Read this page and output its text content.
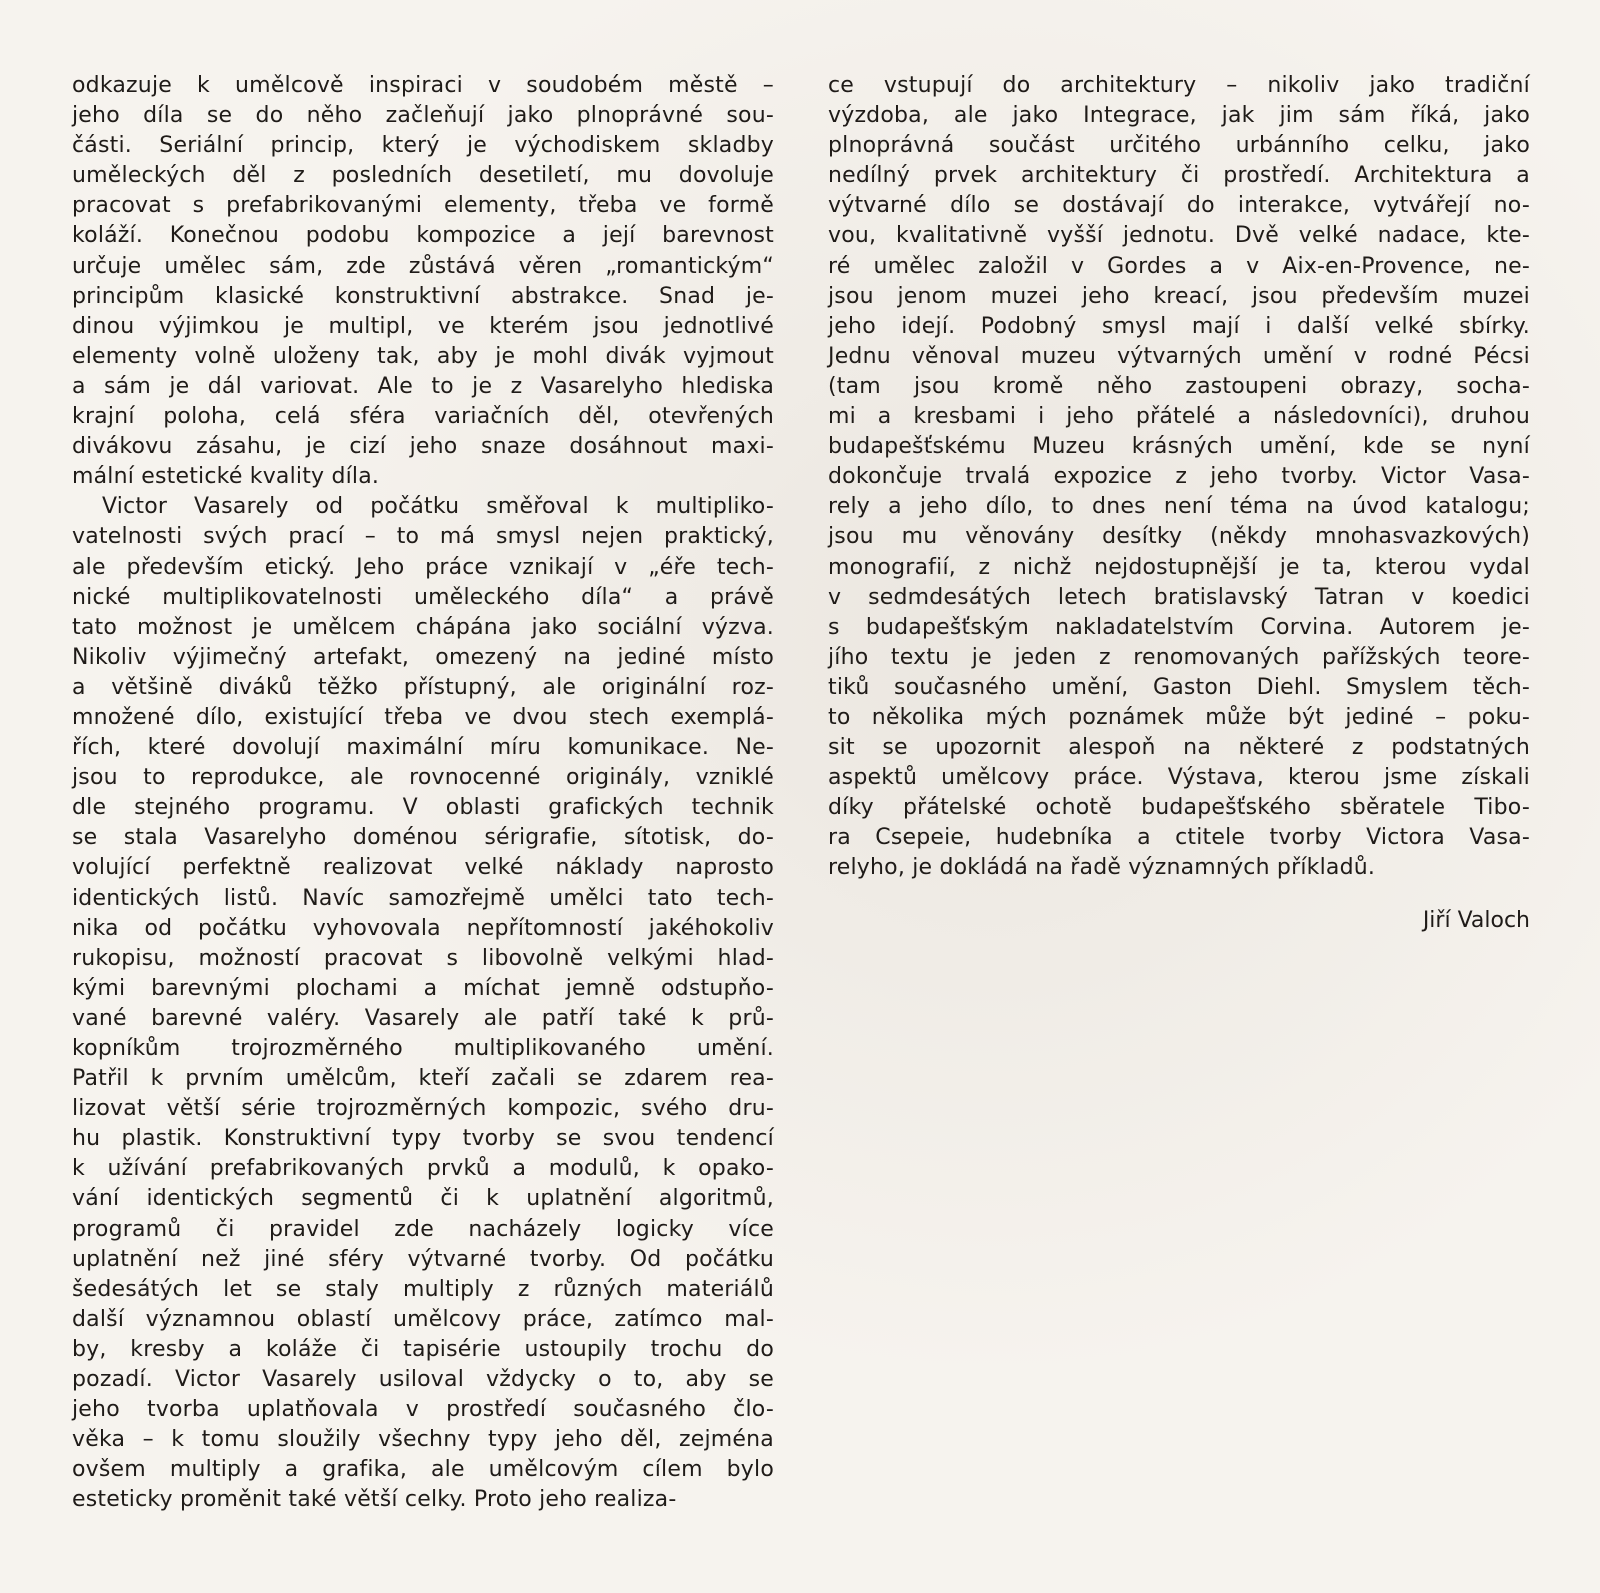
odkazuje k umělcově inspiraci v soudobém městě –
jeho díla se do něho začleňují jako plnoprávné sou-
části. Seriální princip, který je východiskem skladby
uměleckých děl z posledních desetiletí, mu dovoluje
pracovat s prefabrikovanými elementy, třeba ve formě
koláží. Konečnou podobu kompozice a její barevnost
určuje umělec sám, zde zůstává věren „romantickým“
principům klasické konstruktivní abstrakce. Snad je-
dinou výjimkou je multipl, ve kterém jsou jednotlivé
elementy volně uloženy tak, aby je mohl divák vyjmout
a sám je dál variovat. Ale to je z Vasarelyho hlediska
krajní poloha, celá sféra variačních děl, otevřených
divákovu zásahu, je cizí jeho snaze dosáhnout maxi-
mální estetické kvality díla.
Victor Vasarely od počátku směřoval k multipliko-
vatelnosti svých prací – to má smysl nejen praktický,
ale především etický. Jeho práce vznikají v „éře tech-
nické multiplikovatelnosti uměleckého díla“ a právě
tato možnost je umělcem chápána jako sociální výzva.
Nikoliv výjimečný artefakt, omezený na jediné místo
a většině diváků těžko přístupný, ale originální roz-
množené dílo, existující třeba ve dvou stech exemplá-
řích, které dovolují maximální míru komunikace. Ne-
jsou to reprodukce, ale rovnocenné originály, vzniklé
dle stejného programu. V oblasti grafických technik
se stala Vasarelyho doménou sérigrafie, sítotisk, do-
volující perfektně realizovat velké náklady naprosto
identických listů. Navíc samozřejmě umělci tato tech-
nika od počátku vyhovovala nepřítomností jakéhokoliv
rukopisu, možností pracovat s libovolně velkými hlad-
kými barevnými plochami a míchat jemně odstupňo-
vané barevné valéry. Vasarely ale patří také k prů-
kopníkům trojrozměrného multiplikovaného umění.
Patřil k prvním umělcům, kteří začali se zdarem rea-
lizovat větší série trojrozměrných kompozic, svého dru-
hu plastik. Konstruktivní typy tvorby se svou tendencí
k užívání prefabrikovaných prvků a modulů, k opako-
vání identických segmentů či k uplatnění algoritmů,
programů či pravidel zde nacházely logicky více
uplatnění než jiné sféry výtvarné tvorby. Od počátku
šedesátých let se staly multiply z různých materiálů
další významnou oblastí umělcovy práce, zatímco mal-
by, kresby a koláže či tapisérie ustoupily trochu do
pozadí. Victor Vasarely usiloval vždycky o to, aby se
jeho tvorba uplatňovala v prostředí současného člo-
věka – k tomu sloužily všechny typy jeho děl, zejména
ovšem multiply a grafika, ale umělcovým cílem bylo
esteticky proměnit také větší celky. Proto jeho realiza-
ce vstupují do architektury – nikoliv jako tradiční
výzdoba, ale jako Integrace, jak jim sám říká, jako
plnoprávná součást určitého urbánního celku, jako
nedílný prvek architektury či prostředí. Architektura a
výtvarné dílo se dostávají do interakce, vytvářejí no-
vou, kvalitativně vyšší jednotu. Dvě velké nadace, kte-
ré umělec založil v Gordes a v Aix-en-Provence, ne-
jsou jenom muzei jeho kreací, jsou především muzei
jeho idejí. Podobný smysl mají i další velké sbírky.
Jednu věnoval muzeu výtvarných umění v rodné Pécsi
(tam jsou kromě něho zastoupeni obrazy, socha-
mi a kresbami i jeho přátelé a následovníci), druhou
budapešťskému Muzeu krásných umění, kde se nyní
dokončuje trvalá expozice z jeho tvorby. Victor Vasa-
rely a jeho dílo, to dnes není téma na úvod katalogu;
jsou mu věnovány desítky (někdy mnohasvazkových)
monografií, z nichž nejdostupnější je ta, kterou vydal
v sedmdesátých letech bratislavský Tatran v koedici
s budapešťským nakladatelstvím Corvina. Autorem je-
jího textu je jeden z renomovaných pařížských teore-
tiků současného umění, Gaston Diehl. Smyslem těch-
to několika mých poznámek může být jediné – poku-
sit se upozornit alespoň na některé z podstatných
aspektů umělcovy práce. Výstava, kterou jsme získali
díky přátelské ochotě budapešťského sběratele Tibo-
ra Csepeie, hudebníka a ctitele tvorby Victora Vasa-
relyho, je dokládá na řadě významných příkladů.
Jiří Valoch
